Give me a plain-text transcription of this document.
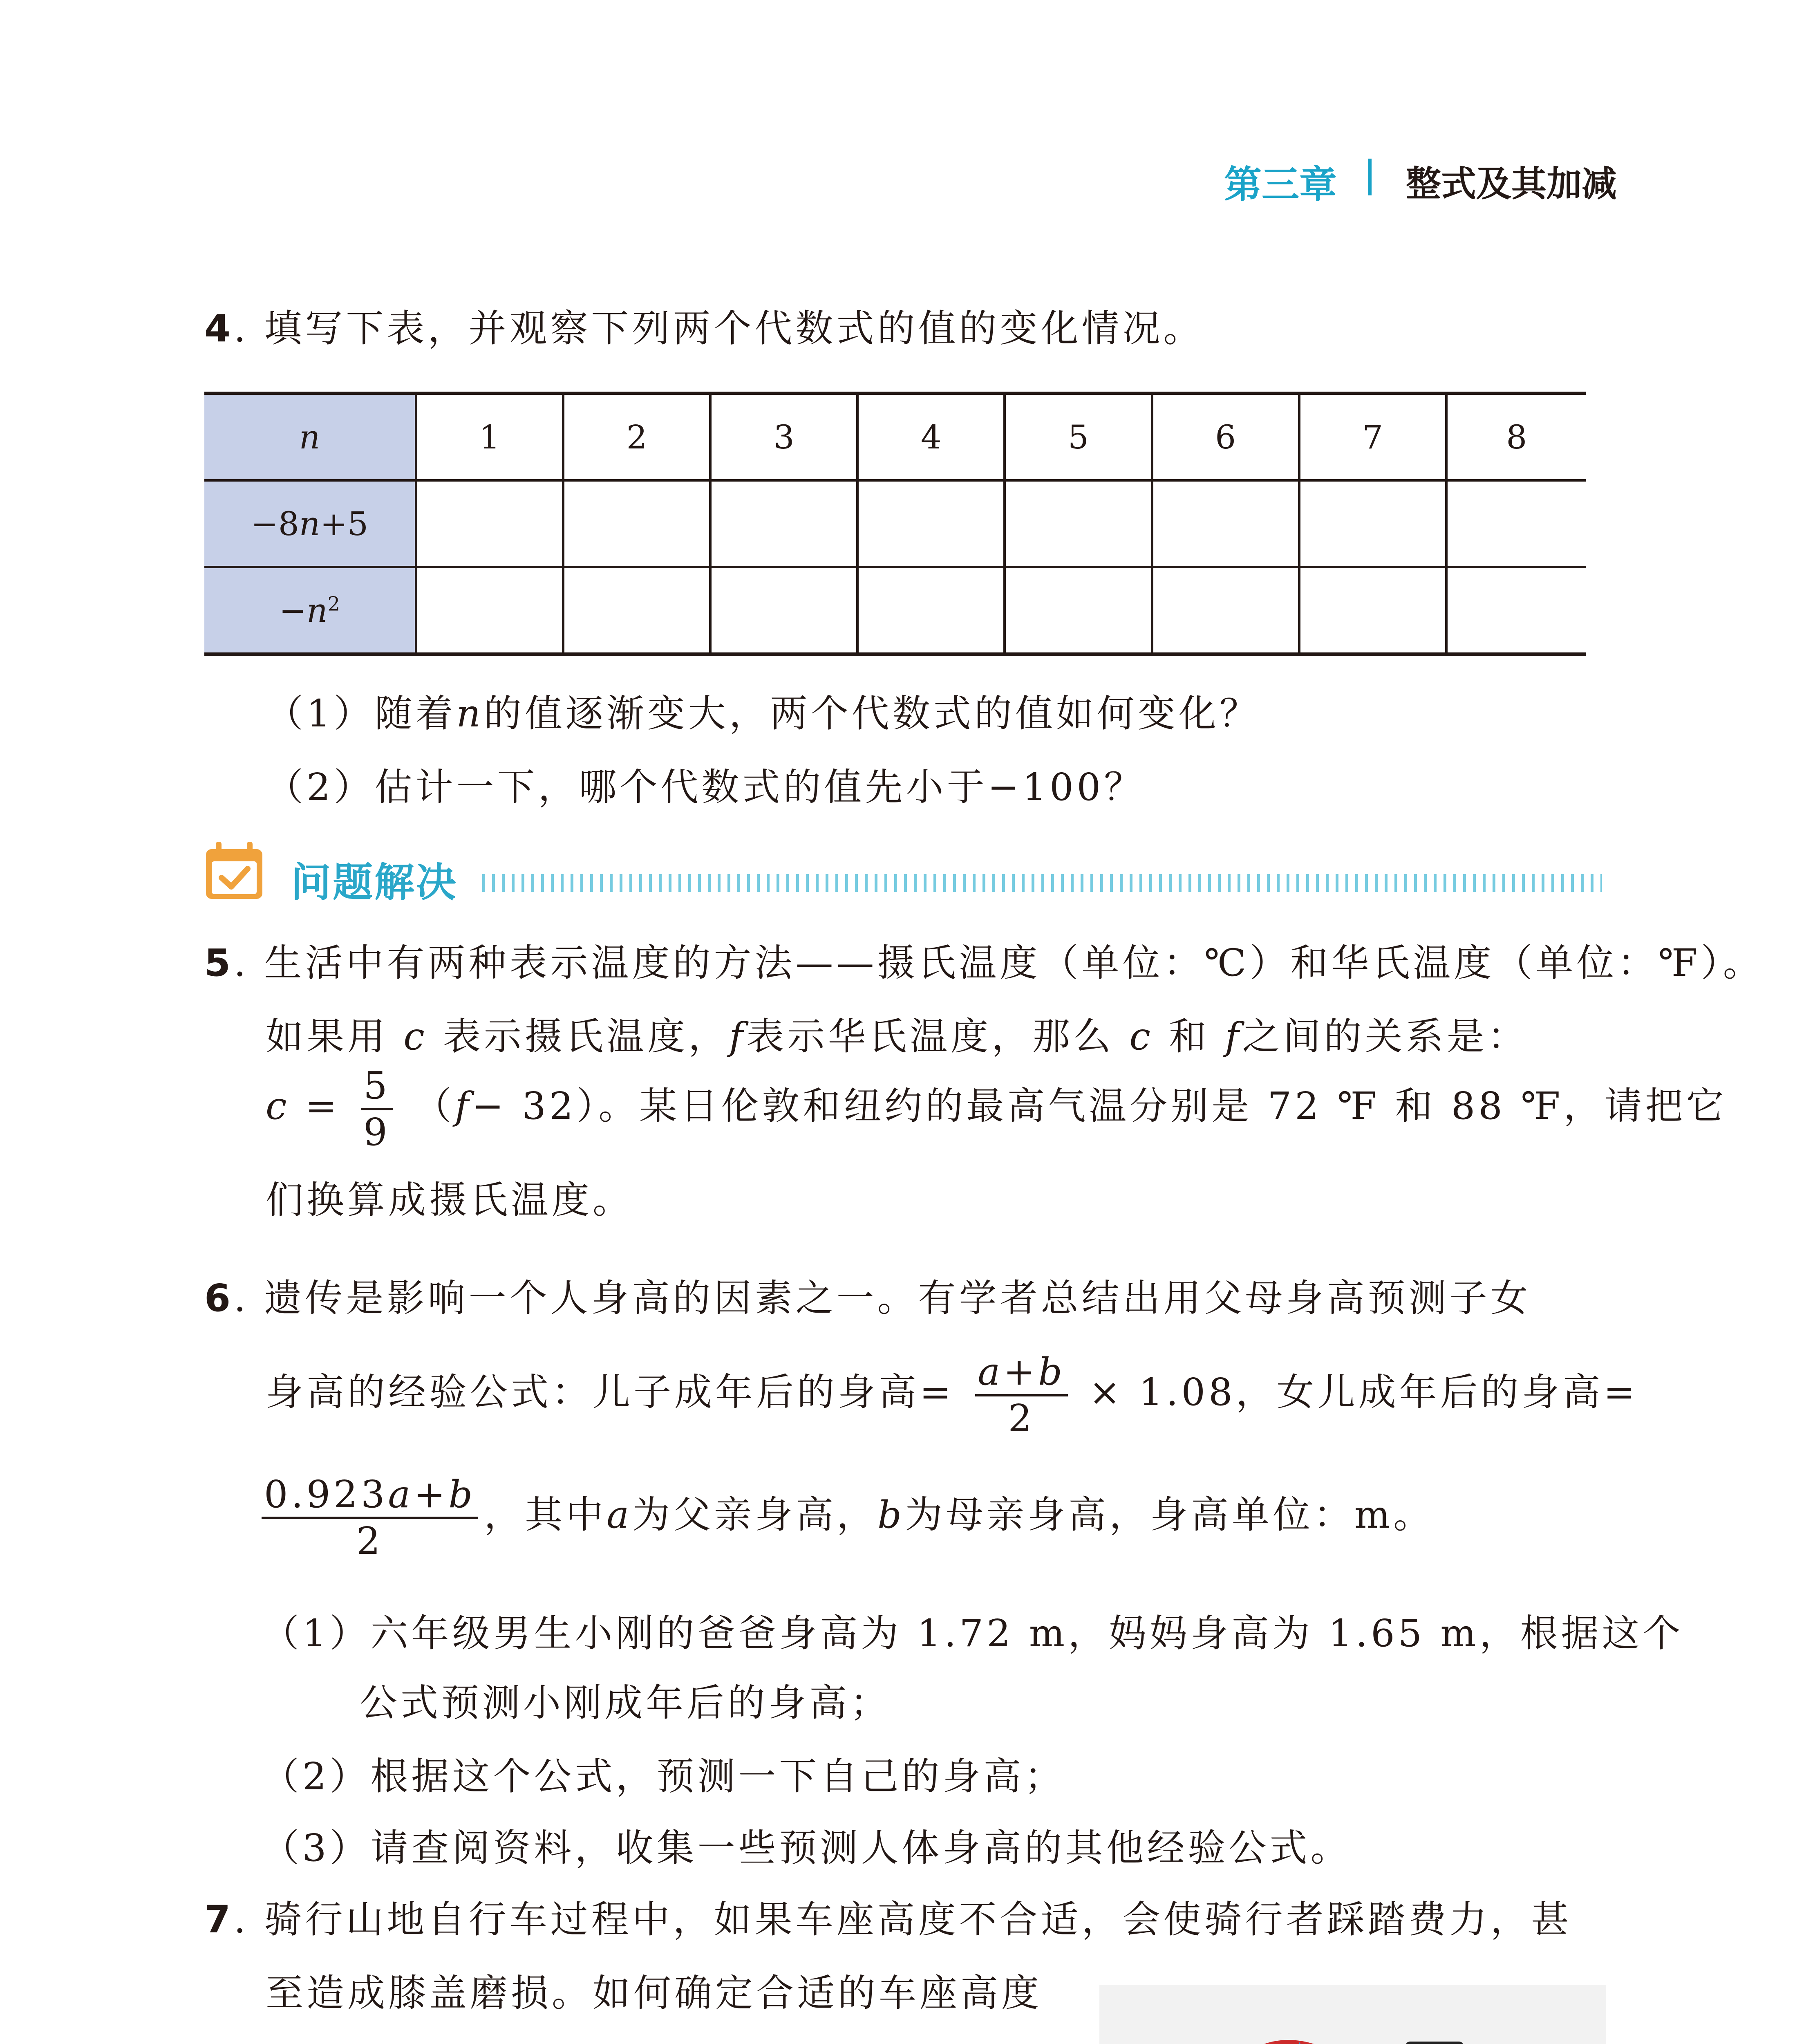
第三章 整式及其加减
4. 填写下表，并观察下列两个代数式的值的变化情况。
n	1	2	3	4	5	6	7	8
−8n+5								
$-n^2$								
（1）随着n的值逐渐变大，两个代数式的值如何变化？
（2）估计一下，哪个代数式的值先小于−100？
问题解决
5. 生活中有两种表示温度的方法——摄氏温度（单位：℃）和华氏温度（单位：℉）。
如果用 c 表示摄氏温度，f表示华氏温度，那么 c 和 f之间的关系是：
$c = \frac{5}{9} (f- 32)$。某日伦敦和纽约的最高气温分别是 72 ℉ 和 88 ℉，请把它
们换算成摄氏温度。
6. 遗传是影响一个人身高的因素之一。有学者总结出用父母身高预测子女
身高的经验公式：儿子成年后的身高= $\frac{a+b}{2} \times 1.08$，女儿成年后的身高=
$\frac{0.923a+b}{2}$ ，其中a为父亲身高，b为母亲身高，身高单位：m。
（1）六年级男生小刚的爸爸身高为 1.72 m，妈妈身高为 1.65 m，根据这个
公式预测小刚成年后的身高；
（2）根据这个公式，预测一下自己的身高；
（3）请查阅资料，收集一些预测人体身高的其他经验公式。
7. 骑行山地自行车过程中，如果车座高度不合适，会使骑行者踩踏费力，甚
至造成膝盖磨损。如何确定合适的车座高度
